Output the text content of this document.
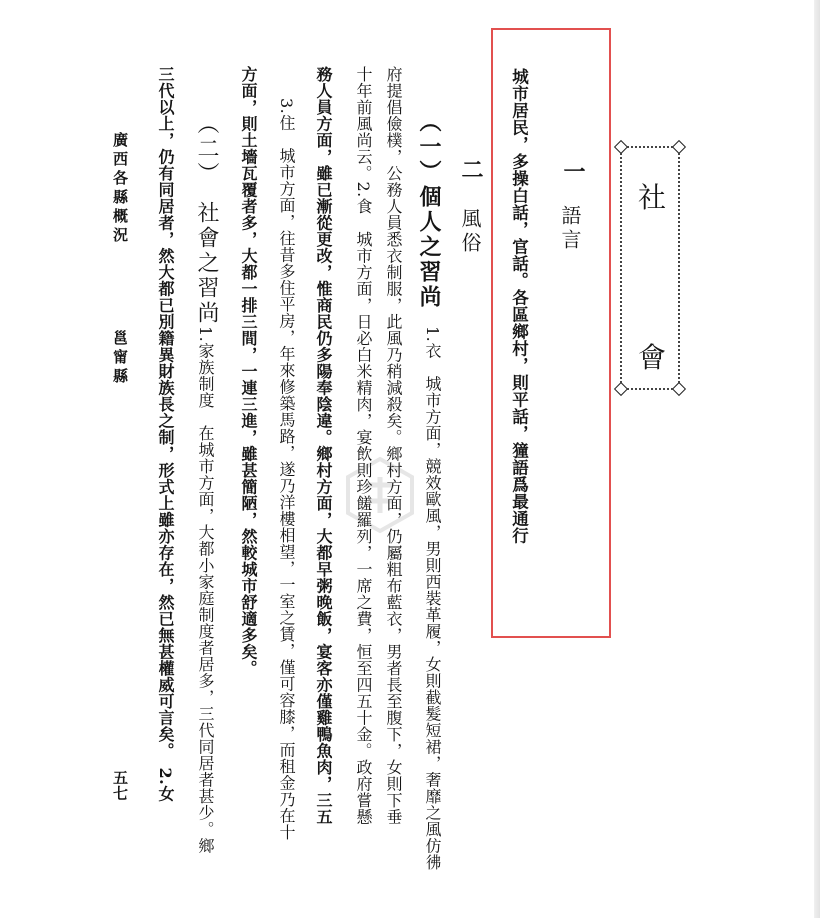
社
會
一
語言
城市居民，多操白話，官話。各區鄉村，則平話，獞語爲最通行
二
風俗
（一）個人之習尚
1.衣　城市方面，競效歐風，男則西裝革履，女則截髮短裙，奢靡之風仿彿
府提倡儉樸，公務人員悉衣制服，此風乃稍減殺矣。鄉村方面，仍屬粗布藍衣，男者長至腹下，女則下垂
十年前風尚云。2.食　城市方面，日必白米精肉，宴飲則珍饈羅列，一席之費，恒至四五十金。政府嘗懸
務人員方面，雖已漸從更改，惟商民仍多陽奉陰違。鄉村方面，大都早粥晚飯，宴客亦僅雞鴨魚肉，三五
3.住　城市方面，往昔多住平房，年來修築馬路，遂乃洋樓相望，一室之賃，僅可容膝，而租金乃在十
方面，則土墻瓦覆者多，大都一排三間，一連三進，雖甚簡陋，然較城市舒適多矣。
（二）　社會之習尚
1.家族制度　在城市方面，大都小家庭制度者居多，三代同居者甚少。鄉
三代以上，仍有同居者，然大都已別籍異財族長之制，形式上雖亦存在，然已無甚權威可言矣。　2.女
廣西各縣概況
邕甯縣
五七
